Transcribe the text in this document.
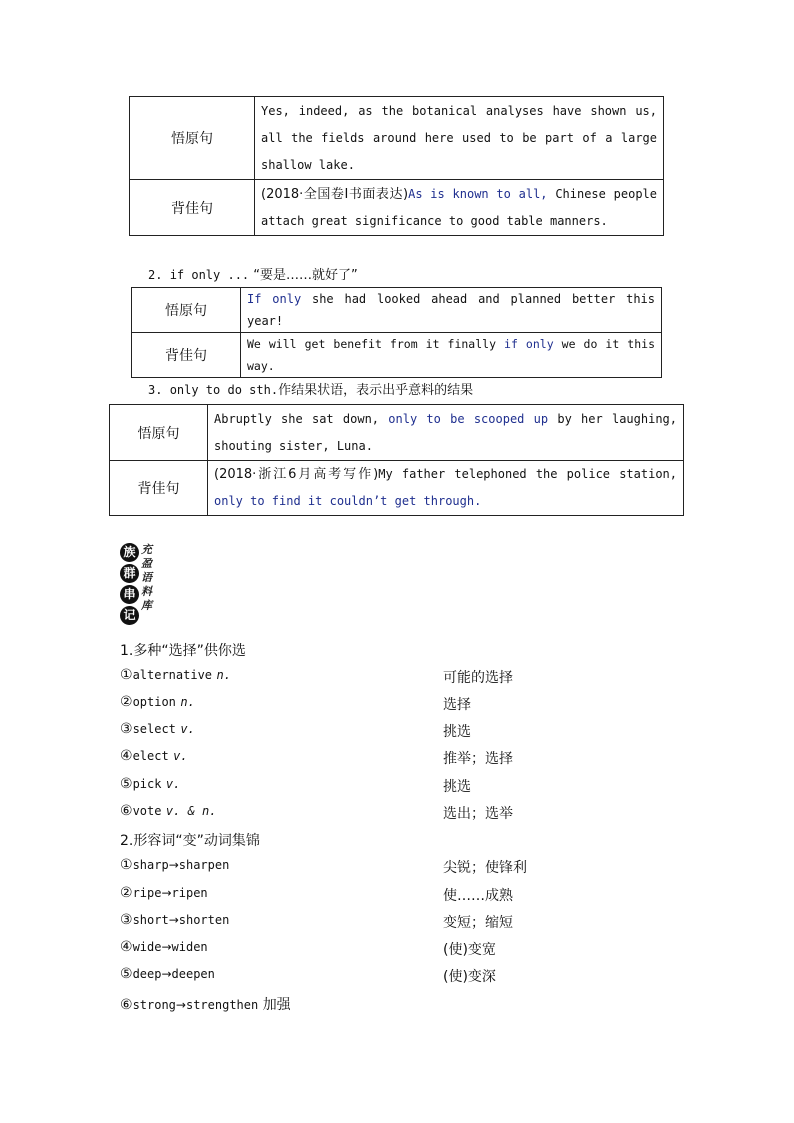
悟原句	Yes, indeed, as the botanical analyses have shown us, all the fields around here used to be part of a large shallow lake.
背佳句	(2018·全国卷Ⅰ书面表达)As is known to all, Chinese people attach great significance to good table manners.
2. if only ... “要是……就好了”
悟原句	If only she had looked ahead and planned better this year!
背佳句	We will get benefit from it finally if only we do it this way.
3. only to do sth.作结果状语，表示出乎意料的结果
悟原句	Abruptly she sat down, only to be scooped up by her laughing, shouting sister, Luna.
背佳句	(2018·浙江6月高考写作)My father telephoned the police station, only to find it couldn’t get through.
族
群
串
记
充
盈
语
料
库
1.多种“选择”供你选
①alternative n.	可能的选择
②option n.	选择
③select v.	挑选
④elect v.	推举；选择
⑤pick v.	挑选
⑥vote v. & n.	选出；选举
2.形容词“变”动词集锦
①sharp→sharpen	尖锐；使锋利
②ripe→ripen	使……成熟
③short→shorten	变短；缩短
④wide→widen	(使)变宽
⑤deep→deepen	(使)变深
⑥strong→strengthen 加强
